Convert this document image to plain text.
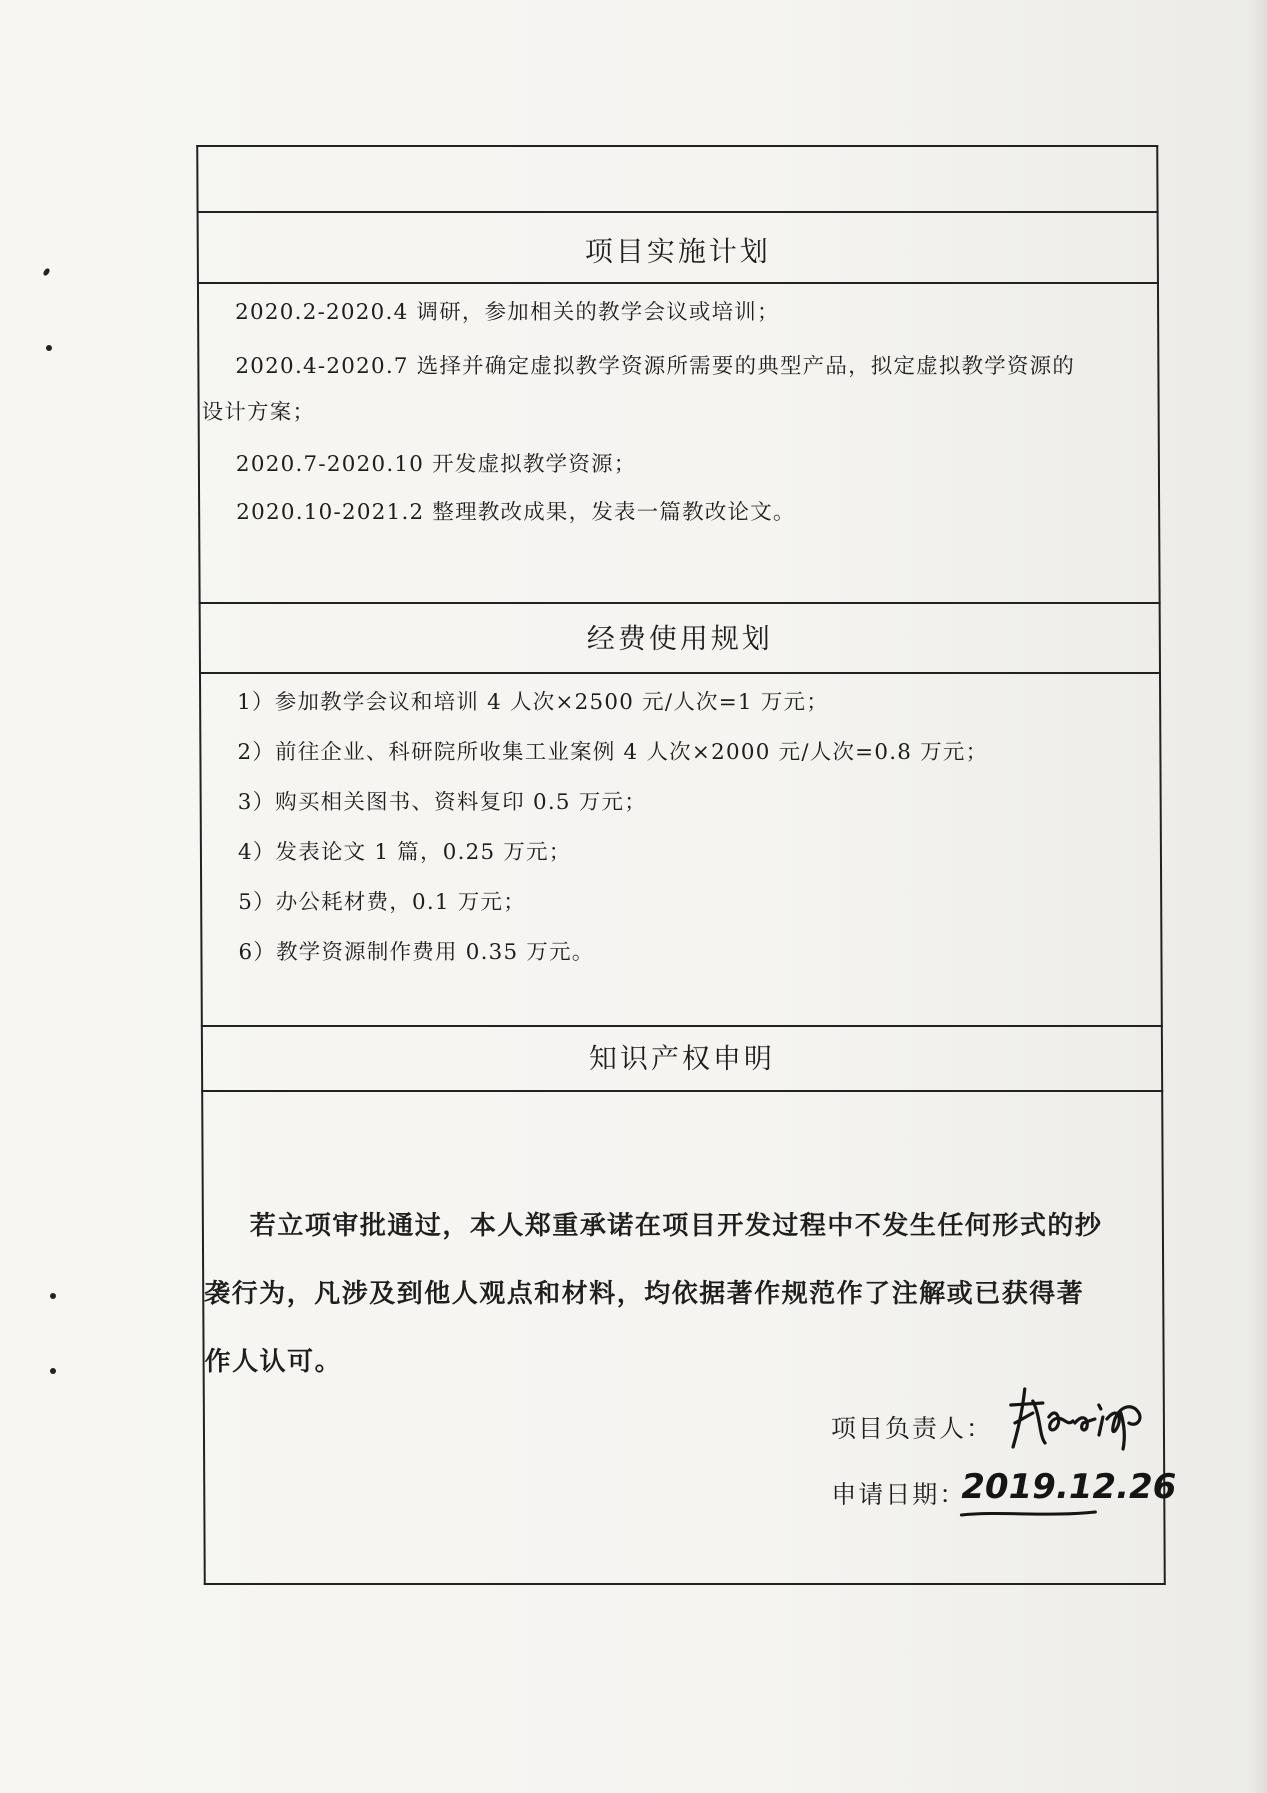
项目实施计划
2020.2-2020.4 调研，参加相关的教学会议或培训；
2020.4-2020.7 选择并确定虚拟教学资源所需要的典型产品，拟定虚拟教学资源的
设计方案；
2020.7-2020.10 开发虚拟教学资源；
2020.10-2021.2 整理教改成果，发表一篇教改论文。
经费使用规划
1）参加教学会议和培训 4 人次×2500 元/人次=1 万元；
2）前往企业、科研院所收集工业案例 4 人次×2000 元/人次=0.8 万元；
3）购买相关图书、资料复印 0.5 万元；
4）发表论文 1 篇，0.25 万元；
5）办公耗材费，0.1 万元；
6）教学资源制作费用 0.35 万元。
知识产权申明
若立项审批通过，本人郑重承诺在项目开发过程中不发生任何形式的抄
袭行为，凡涉及到他人观点和材料，均依据著作规范作了注解或已获得著
作人认可。
项目负责人：
申请日期：
2019.12.26
